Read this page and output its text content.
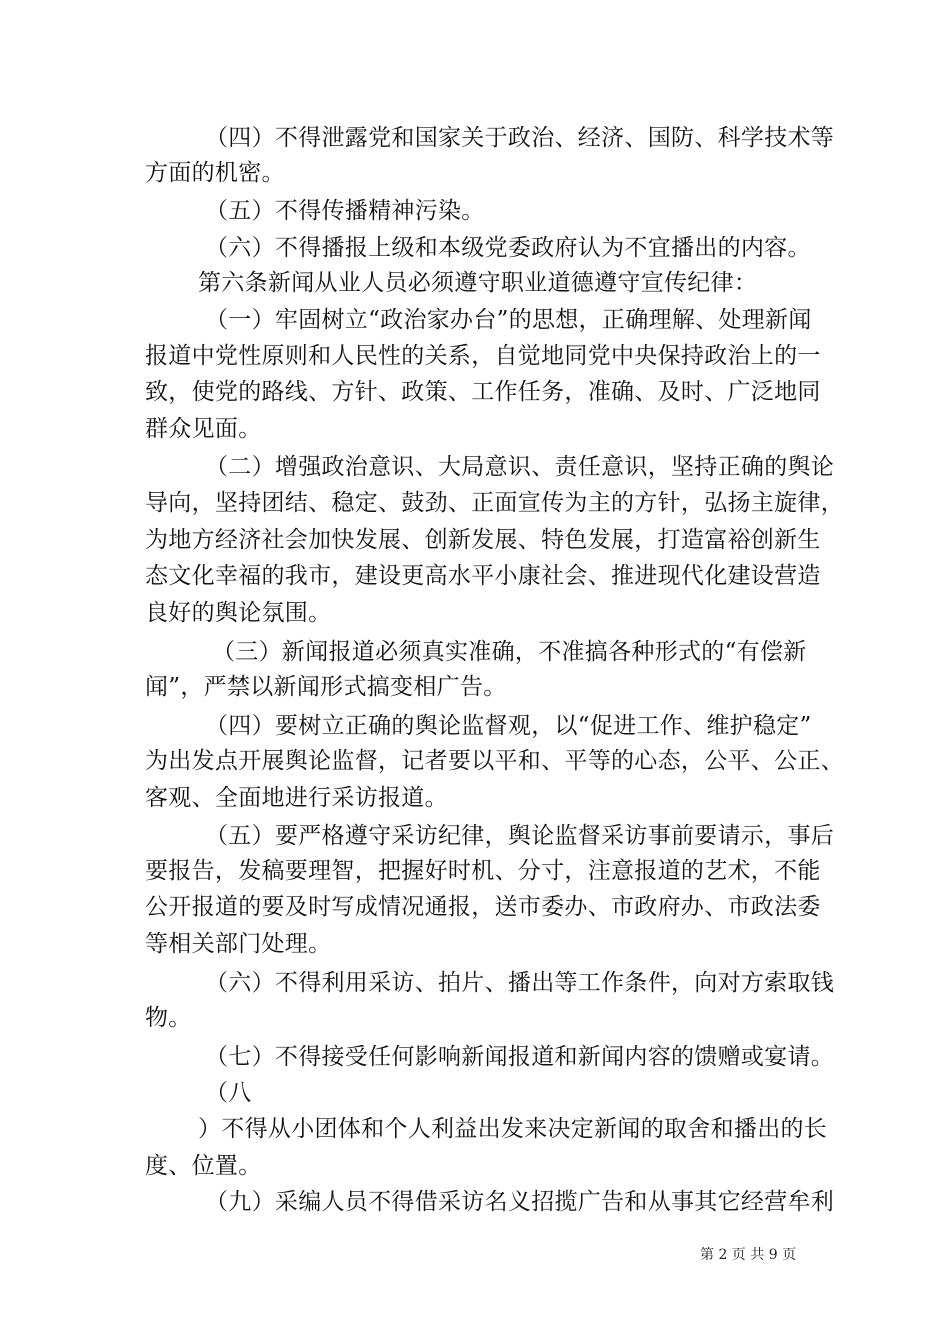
（四）不得泄露党和国家关于政治、经济、国防、科学技术等
方面的机密。
（五）不得传播精神污染。
（六）不得播报上级和本级党委政府认为不宜播出的内容。
第六条新闻从业人员必须遵守职业道德遵守宣传纪律：
（一）牢固树立“政治家办台”的思想，正确理解、处理新闻
报道中党性原则和人民性的关系，自觉地同党中央保持政治上的一
致，使党的路线、方针、政策、工作任务，准确、及时、广泛地同
群众见面。
（二）增强政治意识、大局意识、责任意识，坚持正确的舆论
导向，坚持团结、稳定、鼓劲、正面宣传为主的方针，弘扬主旋律，
为地方经济社会加快发展、创新发展、特色发展，打造富裕创新生
态文化幸福的我市，建设更高水平小康社会、推进现代化建设营造
良好的舆论氛围。
（三）新闻报道必须真实准确，不准搞各种形式的“有偿新
闻”，严禁以新闻形式搞变相广告。
（四）要树立正确的舆论监督观，以“促进工作、维护稳定”
为出发点开展舆论监督，记者要以平和、平等的心态，公平、公正、
客观、全面地进行采访报道。
（五）要严格遵守采访纪律，舆论监督采访事前要请示，事后
要报告，发稿要理智，把握好时机、分寸，注意报道的艺术，不能
公开报道的要及时写成情况通报，送市委办、市政府办、市政法委
等相关部门处理。
（六）不得利用采访、拍片、播出等工作条件，向对方索取钱
物。
（七）不得接受任何影响新闻报道和新闻内容的馈赠或宴请。
（八
）不得从小团体和个人利益出发来决定新闻的取舍和播出的长
度、位置。
（九）采编人员不得借采访名义招揽广告和从事其它经营牟利
第 2 页 共 9 页
